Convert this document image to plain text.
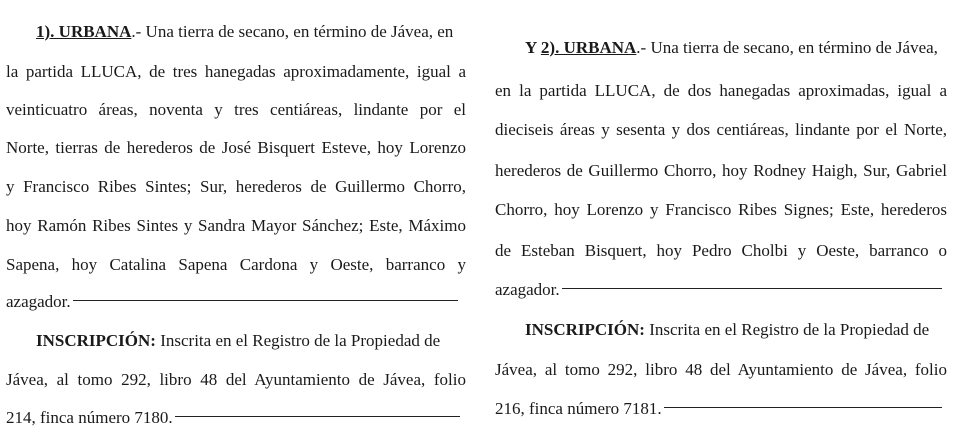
1). URBANA.- Una tierra de secano, en término de Jávea, en
la partida LLUCA, de tres hanegadas aproximadamente, igual a
veinticuatro áreas, noventa y tres centiáreas, lindante por el
Norte, tierras de herederos de José Bisquert Esteve, hoy Lorenzo
y Francisco Ribes Sintes; Sur, herederos de Guillermo Chorro,
hoy Ramón Ribes Sintes y Sandra Mayor Sánchez; Este, Máximo
Sapena, hoy Catalina Sapena Cardona y Oeste, barranco y
azagador.
INSCRIPCIÓN: Inscrita en el Registro de la Propiedad de
Jávea, al tomo 292, libro 48 del Ayuntamiento de Jávea, folio
214, finca número 7180.
Y 2). URBANA.- Una tierra de secano, en término de Jávea,
en la partida LLUCA, de dos hanegadas aproximadas, igual a
dieciseis áreas y sesenta y dos centiáreas, lindante por el Norte,
herederos de Guillermo Chorro, hoy Rodney Haigh, Sur, Gabriel
Chorro, hoy Lorenzo y Francisco Ribes Signes; Este, herederos
de Esteban Bisquert, hoy Pedro Cholbi y Oeste, barranco o
azagador.
INSCRIPCIÓN: Inscrita en el Registro de la Propiedad de
Jávea, al tomo 292, libro 48 del Ayuntamiento de Jávea, folio
216, finca número 7181.
